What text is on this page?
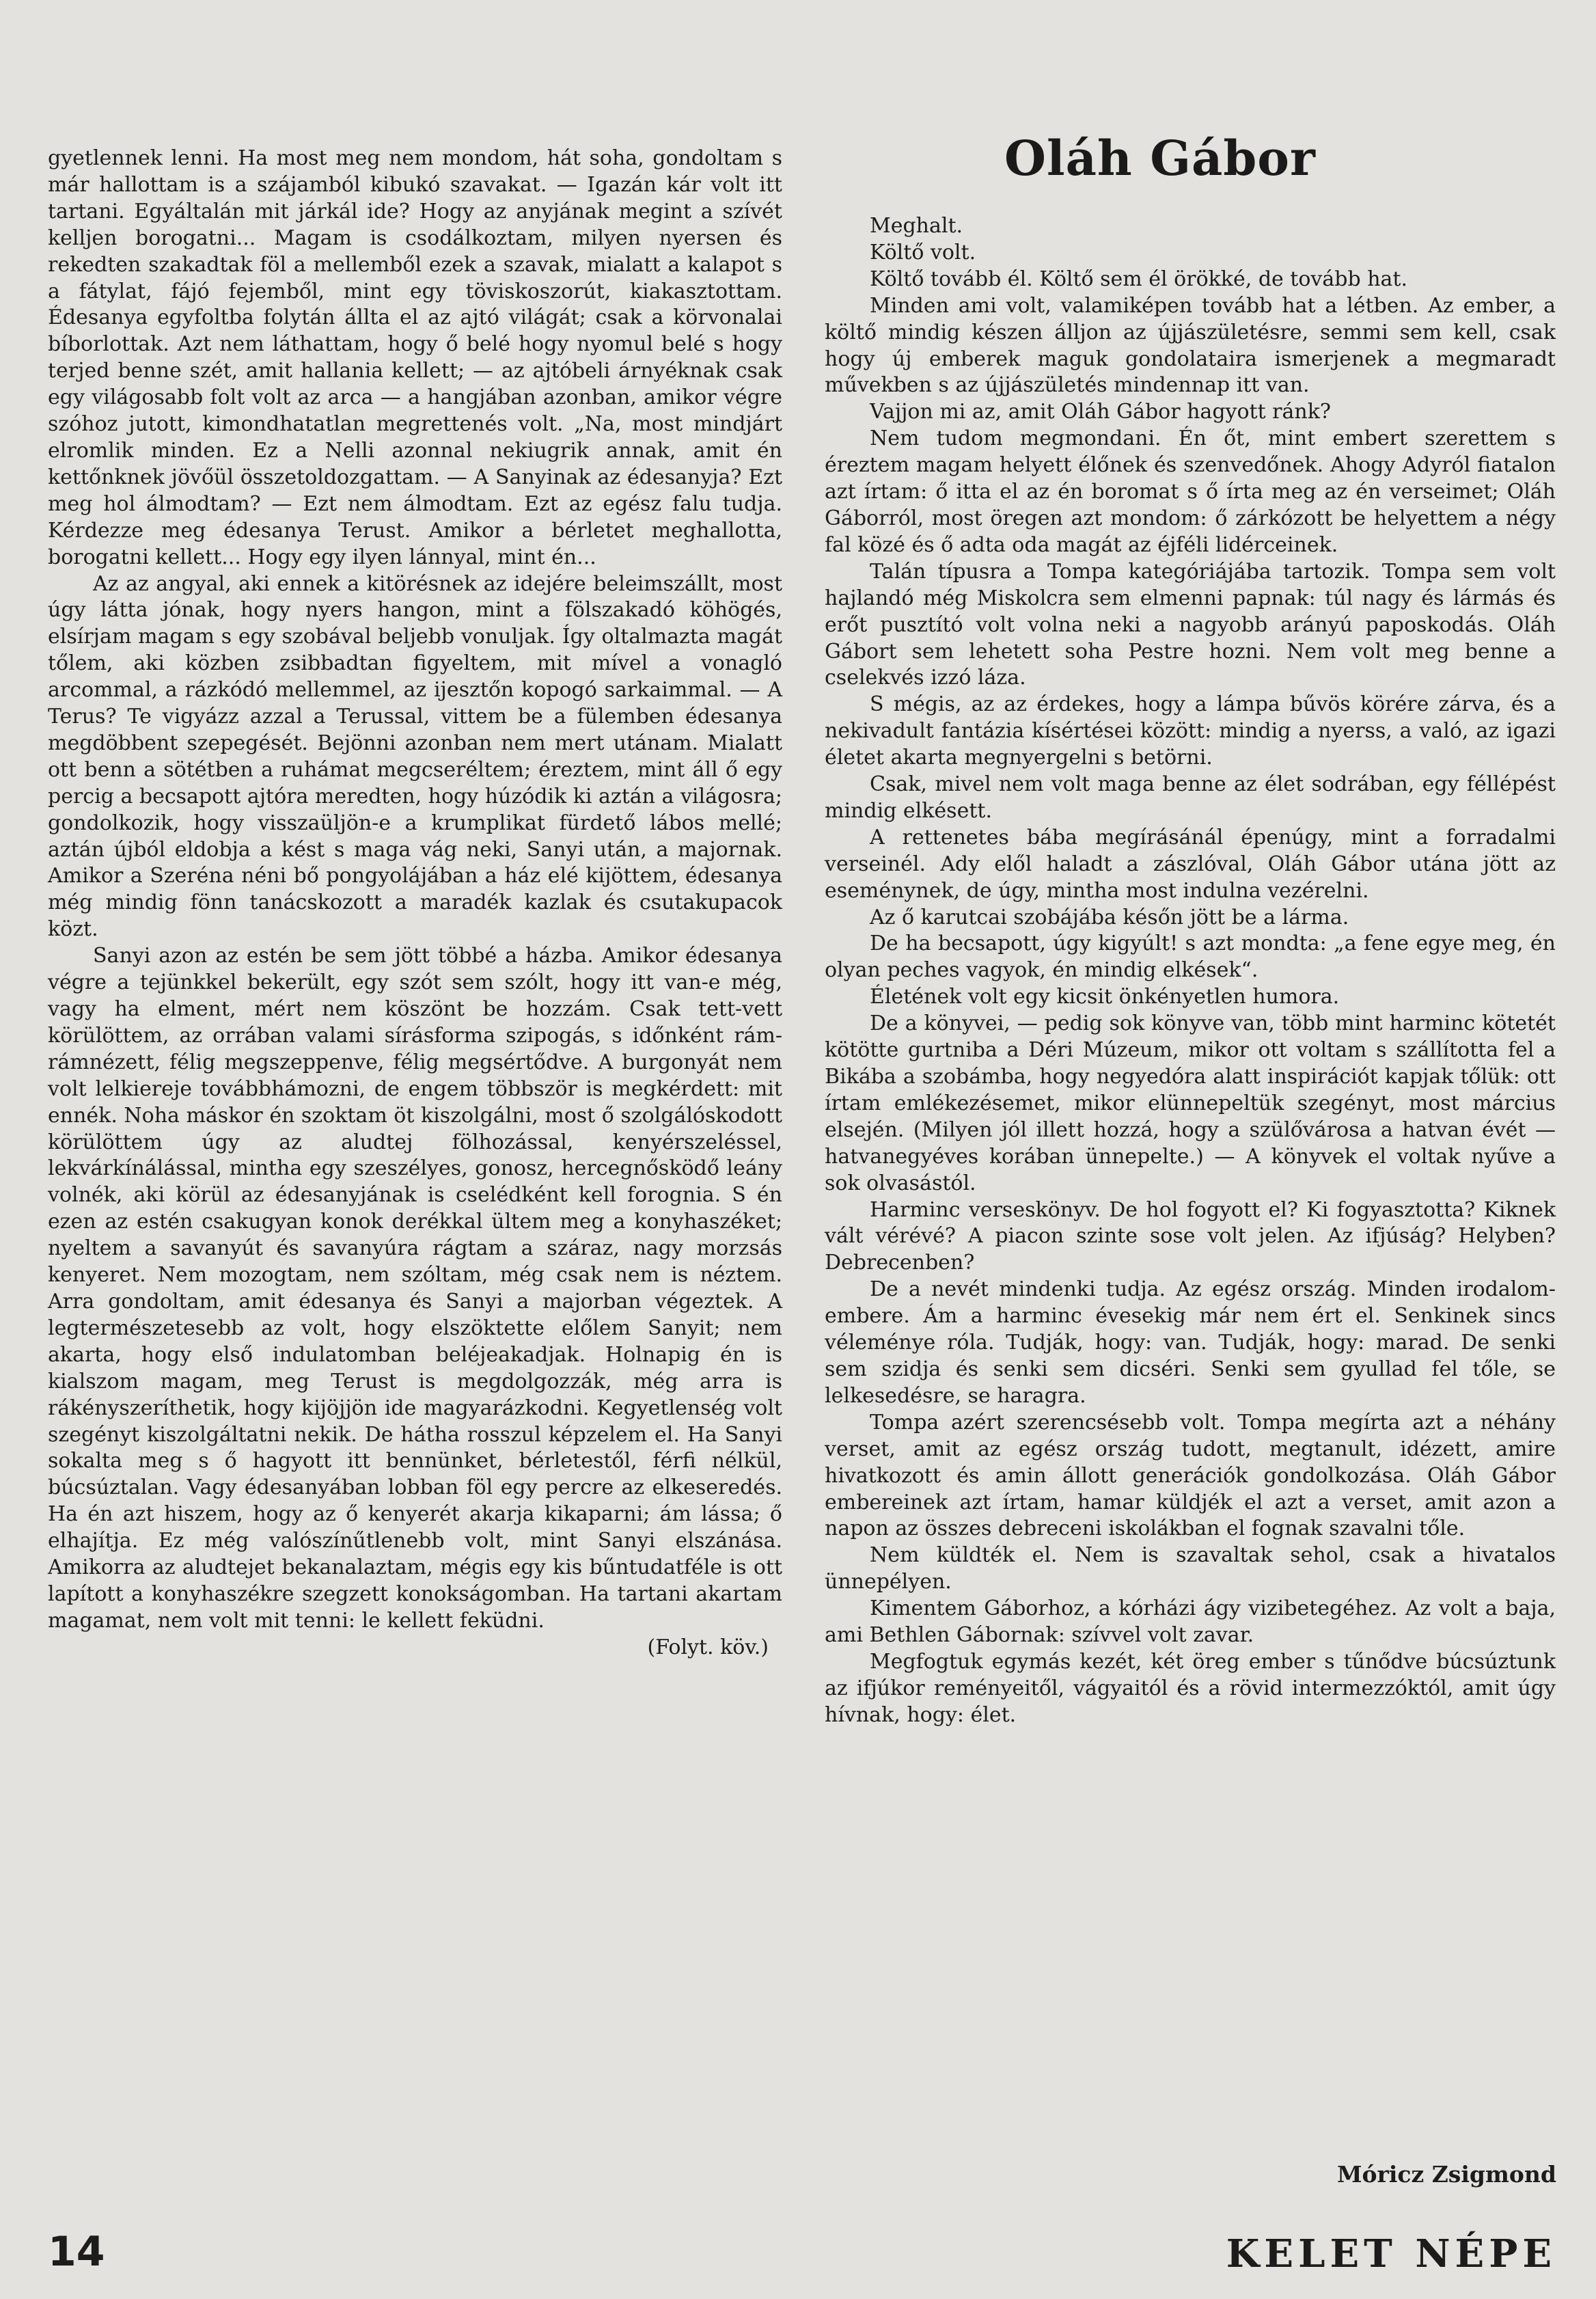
gyetlennek lenni. Ha most meg nem mondom, hát soha, gondoltam s már hallottam is a szájamból kibukó szavakat. — Igazán kár volt itt tartani. Egyáltalán mit járkál ide? Hogy az anyjának megint a szívét kelljen borogatni... Magam is csodálkoztam, milyen nyersen és rekedten szakadtak föl a mellemből ezek a szavak, mialatt a kalapot s a fátylat, fájó fejemből, mint egy töviskoszorút, kiakasztottam. Édesanya egyfoltba folytán állta el az ajtó világát; csak a körvonalai bíborlottak. Azt nem láthattam, hogy ő belé hogy nyomul belé s hogy terjed benne szét, amit hallania kellett; — az ajtóbeli árnyéknak csak egy világosabb folt volt az arca — a hangjában azonban, amikor végre szóhoz jutott, kimondhatatlan megrettenés volt. „Na, most mindjárt elromlik minden. Ez a Nelli azonnal nekiugrik annak, amit én kettőnknek jövőül összetoldozgattam. — A Sanyinak az édesanyja? Ezt meg hol álmodtam? — Ezt nem álmodtam. Ezt az egész falu tudja. Kérdezze meg édesanya Terust. Amikor a bérletet meghallotta, borogatni kellett... Hogy egy ilyen lánnyal, mint én...

Az az angyal, aki ennek a kitörésnek az idejére beleimszállt, most úgy látta jónak, hogy nyers hangon, mint a fölszakadó köhögés, elsírjam magam s egy szobával beljebb vonuljak. Így oltalmazta magát tőlem, aki közben zsibbadtan figyeltem, mit mível a vonagló arcommal, a rázkódó mellemmel, az ijesztőn kopogó sarkaimmal. — A Terus? Te vigyázz azzal a Terussal, vittem be a fülemben édesanya megdöbbent szepegését. Bejönni azonban nem mert utánam. Mialatt ott benn a sötétben a ruhámat megcseréltem; éreztem, mint áll ő egy percig a becsapott ajtóra meredten, hogy húzódik ki aztán a világosra; gondolkozik, hogy visszaüljön-e a krumplikat fürdető lábos mellé; aztán újból eldobja a kést s maga vág neki, Sanyi után, a majornak. Amikor a Szeréna néni bő pongyolájában a ház elé kijöttem, édesanya még mindig fönn tanácskozott a maradék kazlak és csutakupacok közt.

Sanyi azon az estén be sem jött többé a házba. Amikor édesanya végre a tejünkkel bekerült, egy szót sem szólt, hogy itt van-e még, vagy ha elment, mért nem köszönt be hozzám. Csak tett-vett körülöttem, az orrában valami sírásforma szipogás, s időnként rám-rámnézett, félig megszeppenve, félig megsértődve. A burgonyát nem volt lelkiereje továbbhámozni, de engem többször is megkérdett: mit ennék. Noha máskor én szoktam öt kiszolgálni, most ő szolgálóskodott körülöttem úgy az aludtej fölhozással, kenyérszeléssel, lekvárkínálással, mintha egy szeszélyes, gonosz, hercegnősködő leány volnék, aki körül az édesanyjának is cselédként kell forognia. S én ezen az estén csakugyan konok derékkal ültem meg a konyhaszéket; nyeltem a savanyút és savanyúra rágtam a száraz, nagy morzsás kenyeret. Nem mozogtam, nem szóltam, még csak nem is néztem. Arra gondoltam, amit édesanya és Sanyi a majorban végeztek. A legtermészetesebb az volt, hogy elszöktette előlem Sanyit; nem akarta, hogy első indulatomban beléjeakadjak. Holnapig én is kialszom magam, meg Terust is megdolgozzák, még arra is rákényszeríthetik, hogy kijöjjön ide magyarázkodni. Kegyetlenség volt szegényt kiszolgáltatni nekik. De hátha rosszul képzelem el. Ha Sanyi sokalta meg s ő hagyott itt bennünket, bérletestől, férfi nélkül, búcsúztalan. Vagy édesanyában lobban föl egy percre az elkeseredés. Ha én azt hiszem, hogy az ő kenyerét akarja kikaparni; ám lássa; ő elhajítja. Ez még valószínűtlenebb volt, mint Sanyi elszánása. Amikorra az aludtejet bekanalaztam, mégis egy kis bűntudatféle is ott lapított a konyhaszékre szegzett konokságomban. Ha tartani akartam magamat, nem volt mit tenni: le kellett feküdni.

(Folyt. köv.)
Oláh Gábor

Meghalt.

Költő volt.

Költő tovább él. Költő sem él örökké, de tovább hat.

Minden ami volt, valamiképen tovább hat a létben. Az ember, a költő mindig készen álljon az újjászületésre, semmi sem kell, csak hogy új emberek maguk gondolataira ismerjenek a megmaradt művekben s az újjászületés mindennap itt van.

Vajjon mi az, amit Oláh Gábor hagyott ránk?

Nem tudom megmondani. Én őt, mint embert szerettem s éreztem magam helyett élőnek és szenvedőnek. Ahogy Adyról fiatalon azt írtam: ő itta el az én boromat s ő írta meg az én verseimet; Oláh Gáborról, most öregen azt mondom: ő zárkózott be helyettem a négy fal közé és ő adta oda magát az éjféli lidérceinek.

Talán típusra a Tompa kategóriájába tartozik. Tompa sem volt hajlandó még Miskolcra sem elmenni papnak: túl nagy és lármás és erőt pusztító volt volna neki a nagyobb arányú paposkodás. Oláh Gábort sem lehetett soha Pestre hozni. Nem volt meg benne a cselekvés izzó láza.

S mégis, az az érdekes, hogy a lámpa bűvös körére zárva, és a nekivadult fantázia kísértései között: mindig a nyerss, a való, az igazi életet akarta megnyergelni s betörni.

Csak, mivel nem volt maga benne az élet sodrában, egy féllépést mindig elkésett.

A rettenetes bába megírásánál épenúgy, mint a forradalmi verseinél. Ady elől haladt a zászlóval, Oláh Gábor utána jött az eseménynek, de úgy, mintha most indulna vezérelni.

Az ő karutcai szobájába későn jött be a lárma.

De ha becsapott, úgy kigyúlt! s azt mondta: „a fene egye meg, én olyan peches vagyok, én mindig elkések“.

Életének volt egy kicsit önkényetlen humora.

De a könyvei, — pedig sok könyve van, több mint harminc kötetét kötötte gurtniba a Déri Múzeum, mikor ott voltam s szállította fel a Bikába a szobámba, hogy negyedóra alatt inspirációt kapjak tőlük: ott írtam emlékezésemet, mikor elünnepeltük szegényt, most március elsején. (Milyen jól illett hozzá, hogy a szülővárosa a hatvan évét — hatvanegyéves korában ünnepelte.) — A könyvek el voltak nyűve a sok olvasástól.

Harminc verseskönyv. De hol fogyott el? Ki fogyasztotta? Kiknek vált vérévé? A piacon szinte sose volt jelen. Az ifjúság? Helyben? Debrecenben?

De a nevét mindenki tudja. Az egész ország. Minden irodalom-embere. Ám a harminc évesekig már nem ért el. Senkinek sincs véleménye róla. Tudják, hogy: van. Tudják, hogy: marad. De senki sem szidja és senki sem dicséri. Senki sem gyullad fel tőle, se lelkesedésre, se haragra.

Tompa azért szerencsésebb volt. Tompa megírta azt a néhány verset, amit az egész ország tudott, megtanult, idézett, amire hivatkozott és amin állott generációk gondolkozása. Oláh Gábor embereinek azt írtam, hamar küldjék el azt a verset, amit azon a napon az összes debreceni iskolákban el fognak szavalni tőle.

Nem küldték el. Nem is szavaltak sehol, csak a hivatalos ünnepélyen.

Kimentem Gáborhoz, a kórházi ágy vizibetegéhez. Az volt a baja, ami Bethlen Gábornak: szívvel volt zavar.

Megfogtuk egymás kezét, két öreg ember s tűnődve búcsúztunk az ifjúkor reményeitől, vágyaitól és a rövid intermezzóktól, amit úgy hívnak, hogy: élet.

Móricz Zsigmond

14	KELET NÉPE
